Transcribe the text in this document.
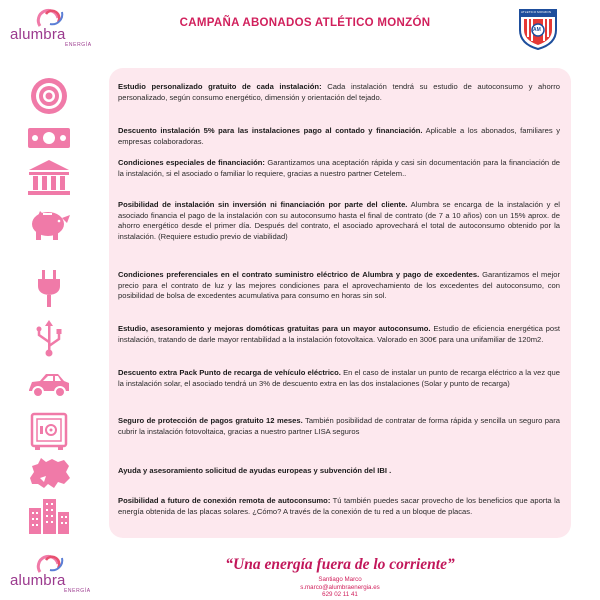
alumbra
ENERGÍA
CAMPAÑA ABONADOS ATLÉTICO MONZÓN
ATLETICO MONZON
AM
Estudio personalizado gratuito de cada instalación: Cada instalación tendrá su estudio de autoconsumo y ahorro personalizado, según consumo energético, dimensión y orientación del tejado.
Descuento instalación 5% para las instalaciones pago al contado y financiación. Aplicable a los abonados, familiares y empresas colaboradoras.
Condiciones especiales de financiación: Garantizamos una aceptación rápida y casi sin documentación para la financiación de la instalación, si el asociado o familiar lo requiere, gracias a nuestro partner Cetelem..
Posibilidad de instalación sin inversión ni financiación por parte del cliente. Alumbra se encarga de la instalación y el asociado financia el pago de la instalación con su autoconsumo hasta el final de contrato (de 7 a 10 años) con un 15% aprox. de ahorro energético desde el primer día. Después del contrato, el asociado aprovechará el total de autoconsumo obtenido por la instalación. (Requiere estudio previo de viabilidad)
Condiciones preferenciales en el contrato suministro eléctrico de Alumbra y pago de excedentes. Garantizamos el mejor precio para el contrato de luz y las mejores condiciones para el aprovechamiento de los excedentes del autoconsumo, con posibilidad de bolsa de excedentes acumulativa para consumo en horas sin sol.
Estudio, asesoramiento y mejoras domóticas gratuitas para un mayor autoconsumo. Estudio de eficiencia energética post instalación, tratando de darle mayor rentabilidad a la instalación fotovoltaica. Valorado en 300€ para una unifamiliar de 120m2.
Descuento extra Pack Punto de recarga de vehículo eléctrico. En el caso de instalar un punto de recarga eléctrico a la vez que la instalación solar, el asociado tendrá un 3% de descuento extra en las dos instalaciones (Solar y punto de recarga)
Seguro de protección de pagos gratuito 12 meses. También posibilidad de contratar de forma rápida y sencilla un seguro para cubrir la instalación fotovoltaica, gracias a nuestro partner LISA seguros
Ayuda y asesoramiento solicitud de ayudas europeas y subvención del IBI .
Posibilidad a futuro de conexión remota de autoconsumo: Tú también puedes sacar provecho de los beneficios que aporta la energía obtenida de las placas solares. ¿Cómo? A través de la conexión de tu red a un bloque de placas.
alumbra
ENERGÍA
“Una energía fuera de lo corriente”
Santiago Marco
s.marco@alumbraenergia.es
629 02 11 41
